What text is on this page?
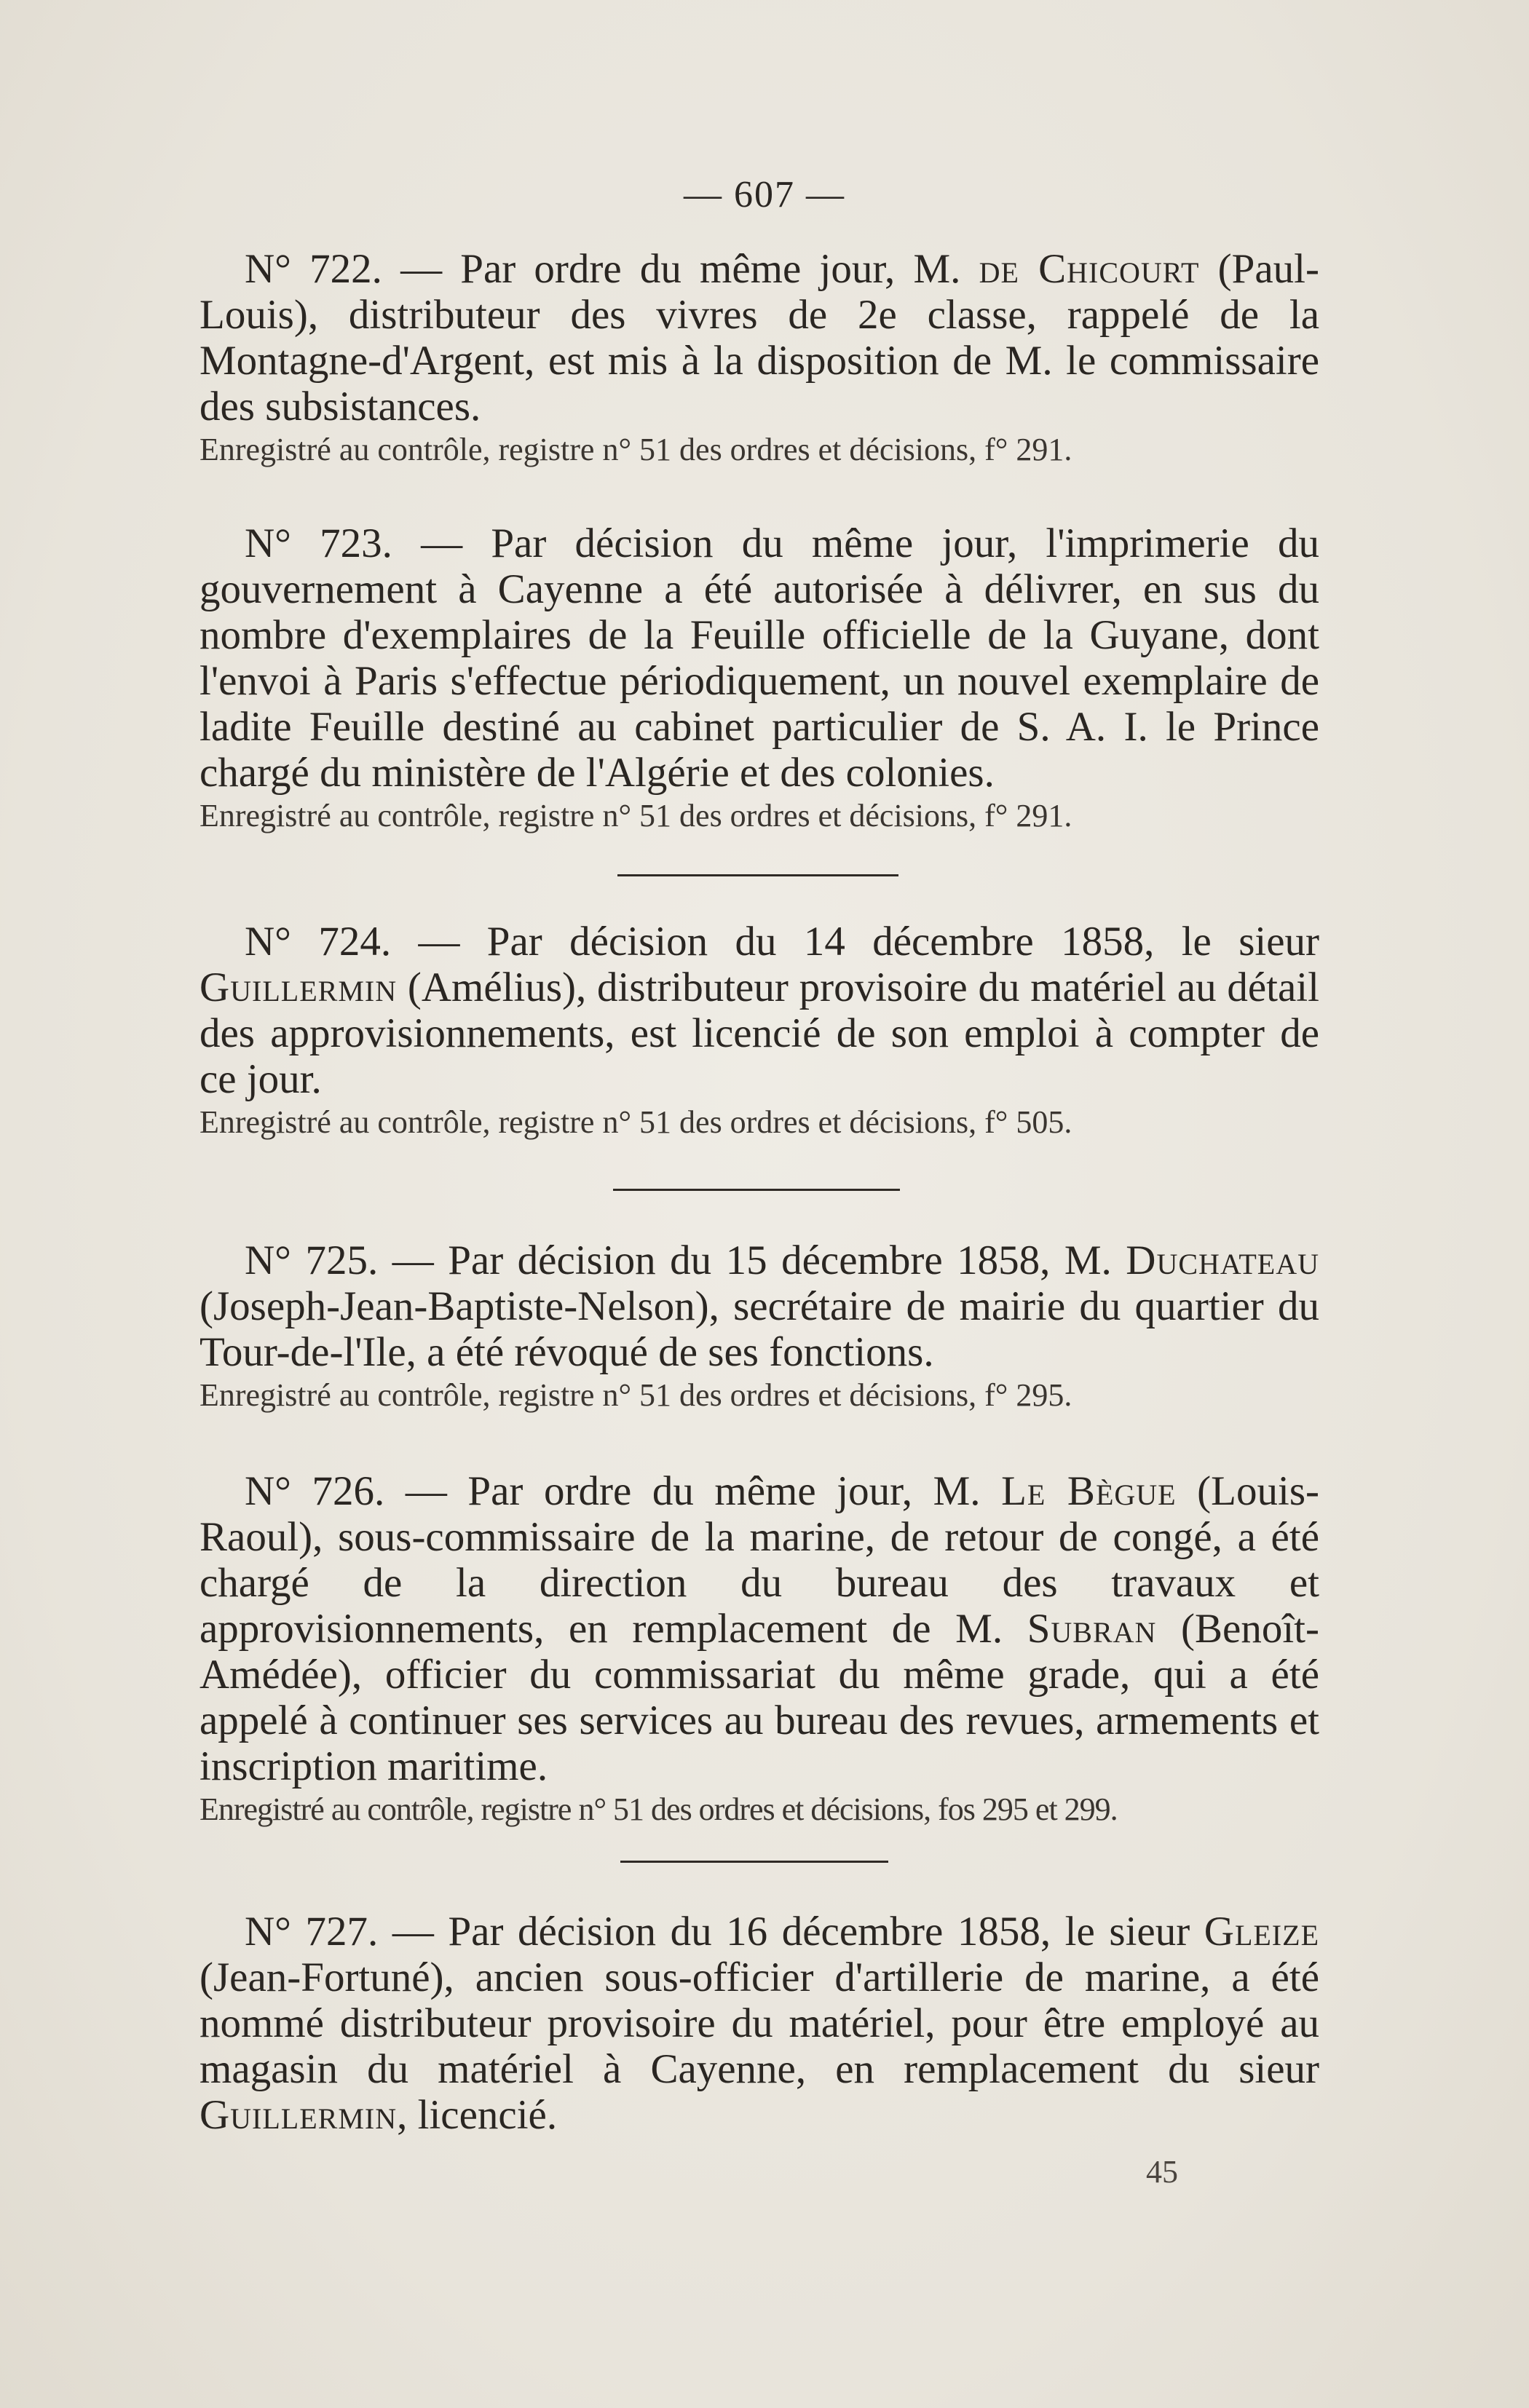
— 607 —

N° 722. — Par ordre du même jour, M. de Chicourt (Paul-Louis), distributeur des vivres de 2e classe, rappelé de la Montagne-d'Argent, est mis à la disposition de M. le commissaire des subsistances.

Enregistré au contrôle, registre n° 51 des ordres et décisions, f° 291.

N° 723. — Par décision du même jour, l'imprimerie du gouvernement à Cayenne a été autorisée à délivrer, en sus du nombre d'exemplaires de la Feuille officielle de la Guyane, dont l'envoi à Paris s'effectue périodiquement, un nouvel exemplaire de ladite Feuille destiné au cabinet particulier de S. A. I. le Prince chargé du ministère de l'Algérie et des colonies.

Enregistré au contrôle, registre n° 51 des ordres et décisions, f° 291.

N° 724. — Par décision du 14 décembre 1858, le sieur Guillermin (Amélius), distributeur provisoire du matériel au détail des approvisionnements, est licencié de son emploi à compter de ce jour.

Enregistré au contrôle, registre n° 51 des ordres et décisions, f° 505.

N° 725. — Par décision du 15 décembre 1858, M. Duchateau (Joseph-Jean-Baptiste-Nelson), secrétaire de mairie du quartier du Tour-de-l'Ile, a été révoqué de ses fonctions.

Enregistré au contrôle, registre n° 51 des ordres et décisions, f° 295.

N° 726. — Par ordre du même jour, M. Le Bègue (Louis-Raoul), sous-commissaire de la marine, de retour de congé, a été chargé de la direction du bureau des travaux et approvisionnements, en remplacement de M. Subran (Benoît-Amédée), officier du commissariat du même grade, qui a été appelé à continuer ses services au bureau des revues, armements et inscription maritime.

Enregistré au contrôle, registre n° 51 des ordres et décisions, fos 295 et 299.

N° 727. — Par décision du 16 décembre 1858, le sieur Gleize (Jean-Fortuné), ancien sous-officier d'artillerie de marine, a été nommé distributeur provisoire du matériel, pour être employé au magasin du matériel à Cayenne, en remplacement du sieur Guillermin, licencié.

45
